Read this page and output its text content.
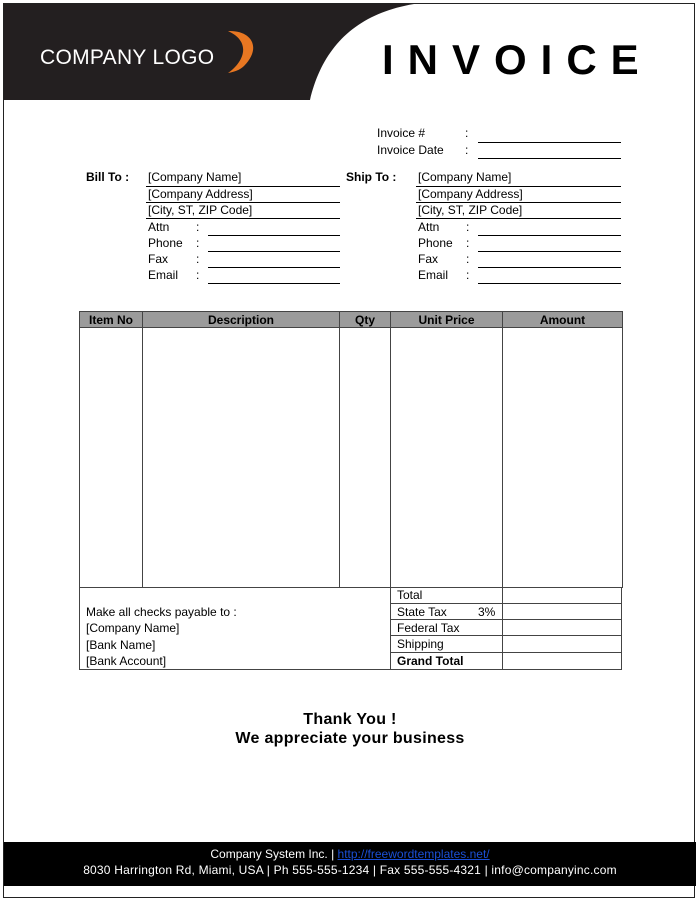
COMPANY LOGO	INVOICE
Invoice #	:
Invoice Date :
Bill To : [Company Name]
[Company Address]
[City, ST, ZIP Code]
Attn :
Phone :
Fax :
Email :
Ship To : [Company Name]
[Company Address]
[City, ST, ZIP Code]
Attn :
Phone :
Fax :
Email :
Item No	Description	Qty	Unit Price	Amount

Make all checks payable to :
[Company Name]
[Bank Name]
[Bank Account]
Total
State Tax	3%
Federal Tax
Shipping
Grand Total
Thank You !
We appreciate your business
Company System Inc. | http://freewordtemplates.net/
8030 Harrington Rd, Miami, USA | Ph 555-555-1234 | Fax 555-555-4321 | info@companyinc.com
